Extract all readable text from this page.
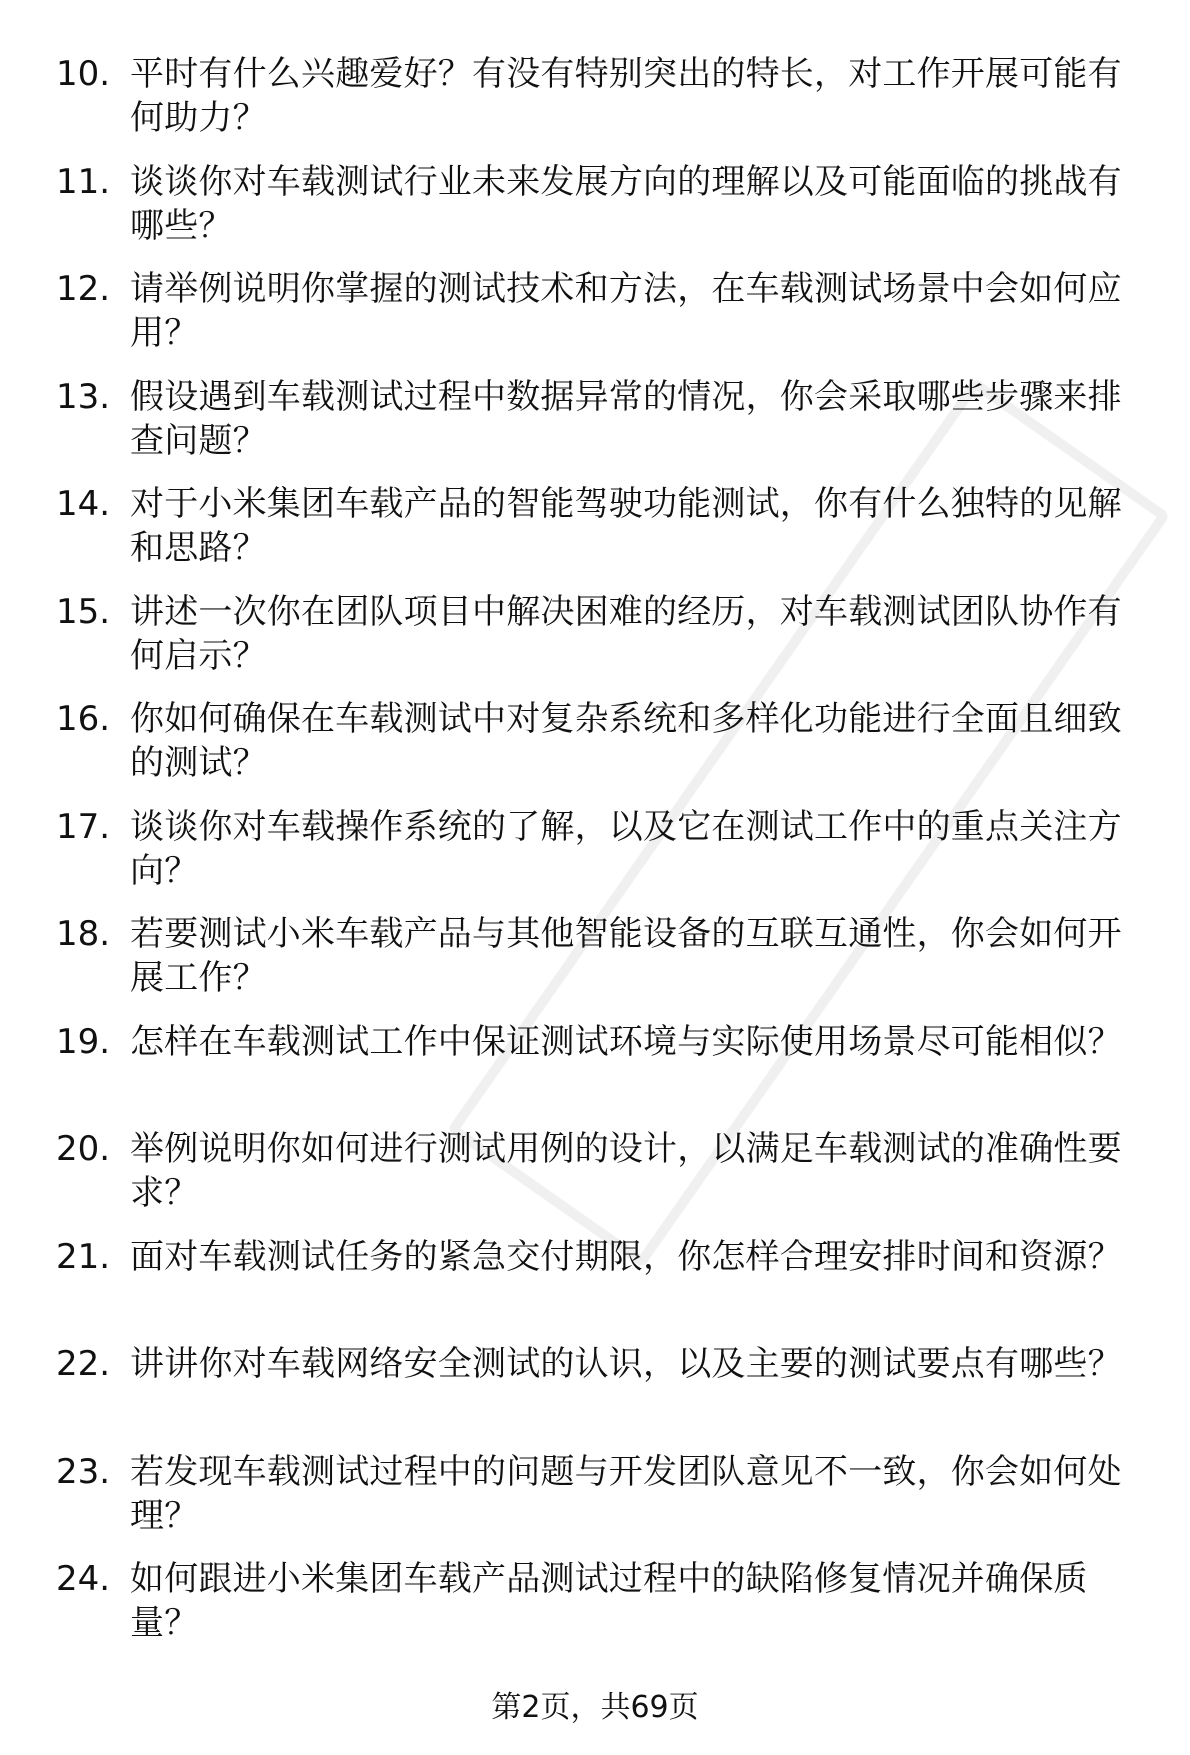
10. 平时有什么兴趣爱好？有没有特别突出的特长，对工作开展可能有何助力？
11. 谈谈你对车载测试行业未来发展方向的理解以及可能面临的挑战有哪些？
12. 请举例说明你掌握的测试技术和方法，在车载测试场景中会如何应用？
13. 假设遇到车载测试过程中数据异常的情况，你会采取哪些步骤来排查问题？
14. 对于小米集团车载产品的智能驾驶功能测试，你有什么独特的见解和思路？
15. 讲述一次你在团队项目中解决困难的经历，对车载测试团队协作有何启示？
16. 你如何确保在车载测试中对复杂系统和多样化功能进行全面且细致的测试？
17. 谈谈你对车载操作系统的了解，以及它在测试工作中的重点关注方向？
18. 若要测试小米车载产品与其他智能设备的互联互通性，你会如何开展工作？
19. 怎样在车载测试工作中保证测试环境与实际使用场景尽可能相似？
20. 举例说明你如何进行测试用例的设计，以满足车载测试的准确性要求？
21. 面对车载测试任务的紧急交付期限，你怎样合理安排时间和资源？
22. 讲讲你对车载网络安全测试的认识，以及主要的测试要点有哪些？
23. 若发现车载测试过程中的问题与开发团队意见不一致，你会如何处理？
24. 如何跟进小米集团车载产品测试过程中的缺陷修复情况并确保质量？
第2页，共69页
